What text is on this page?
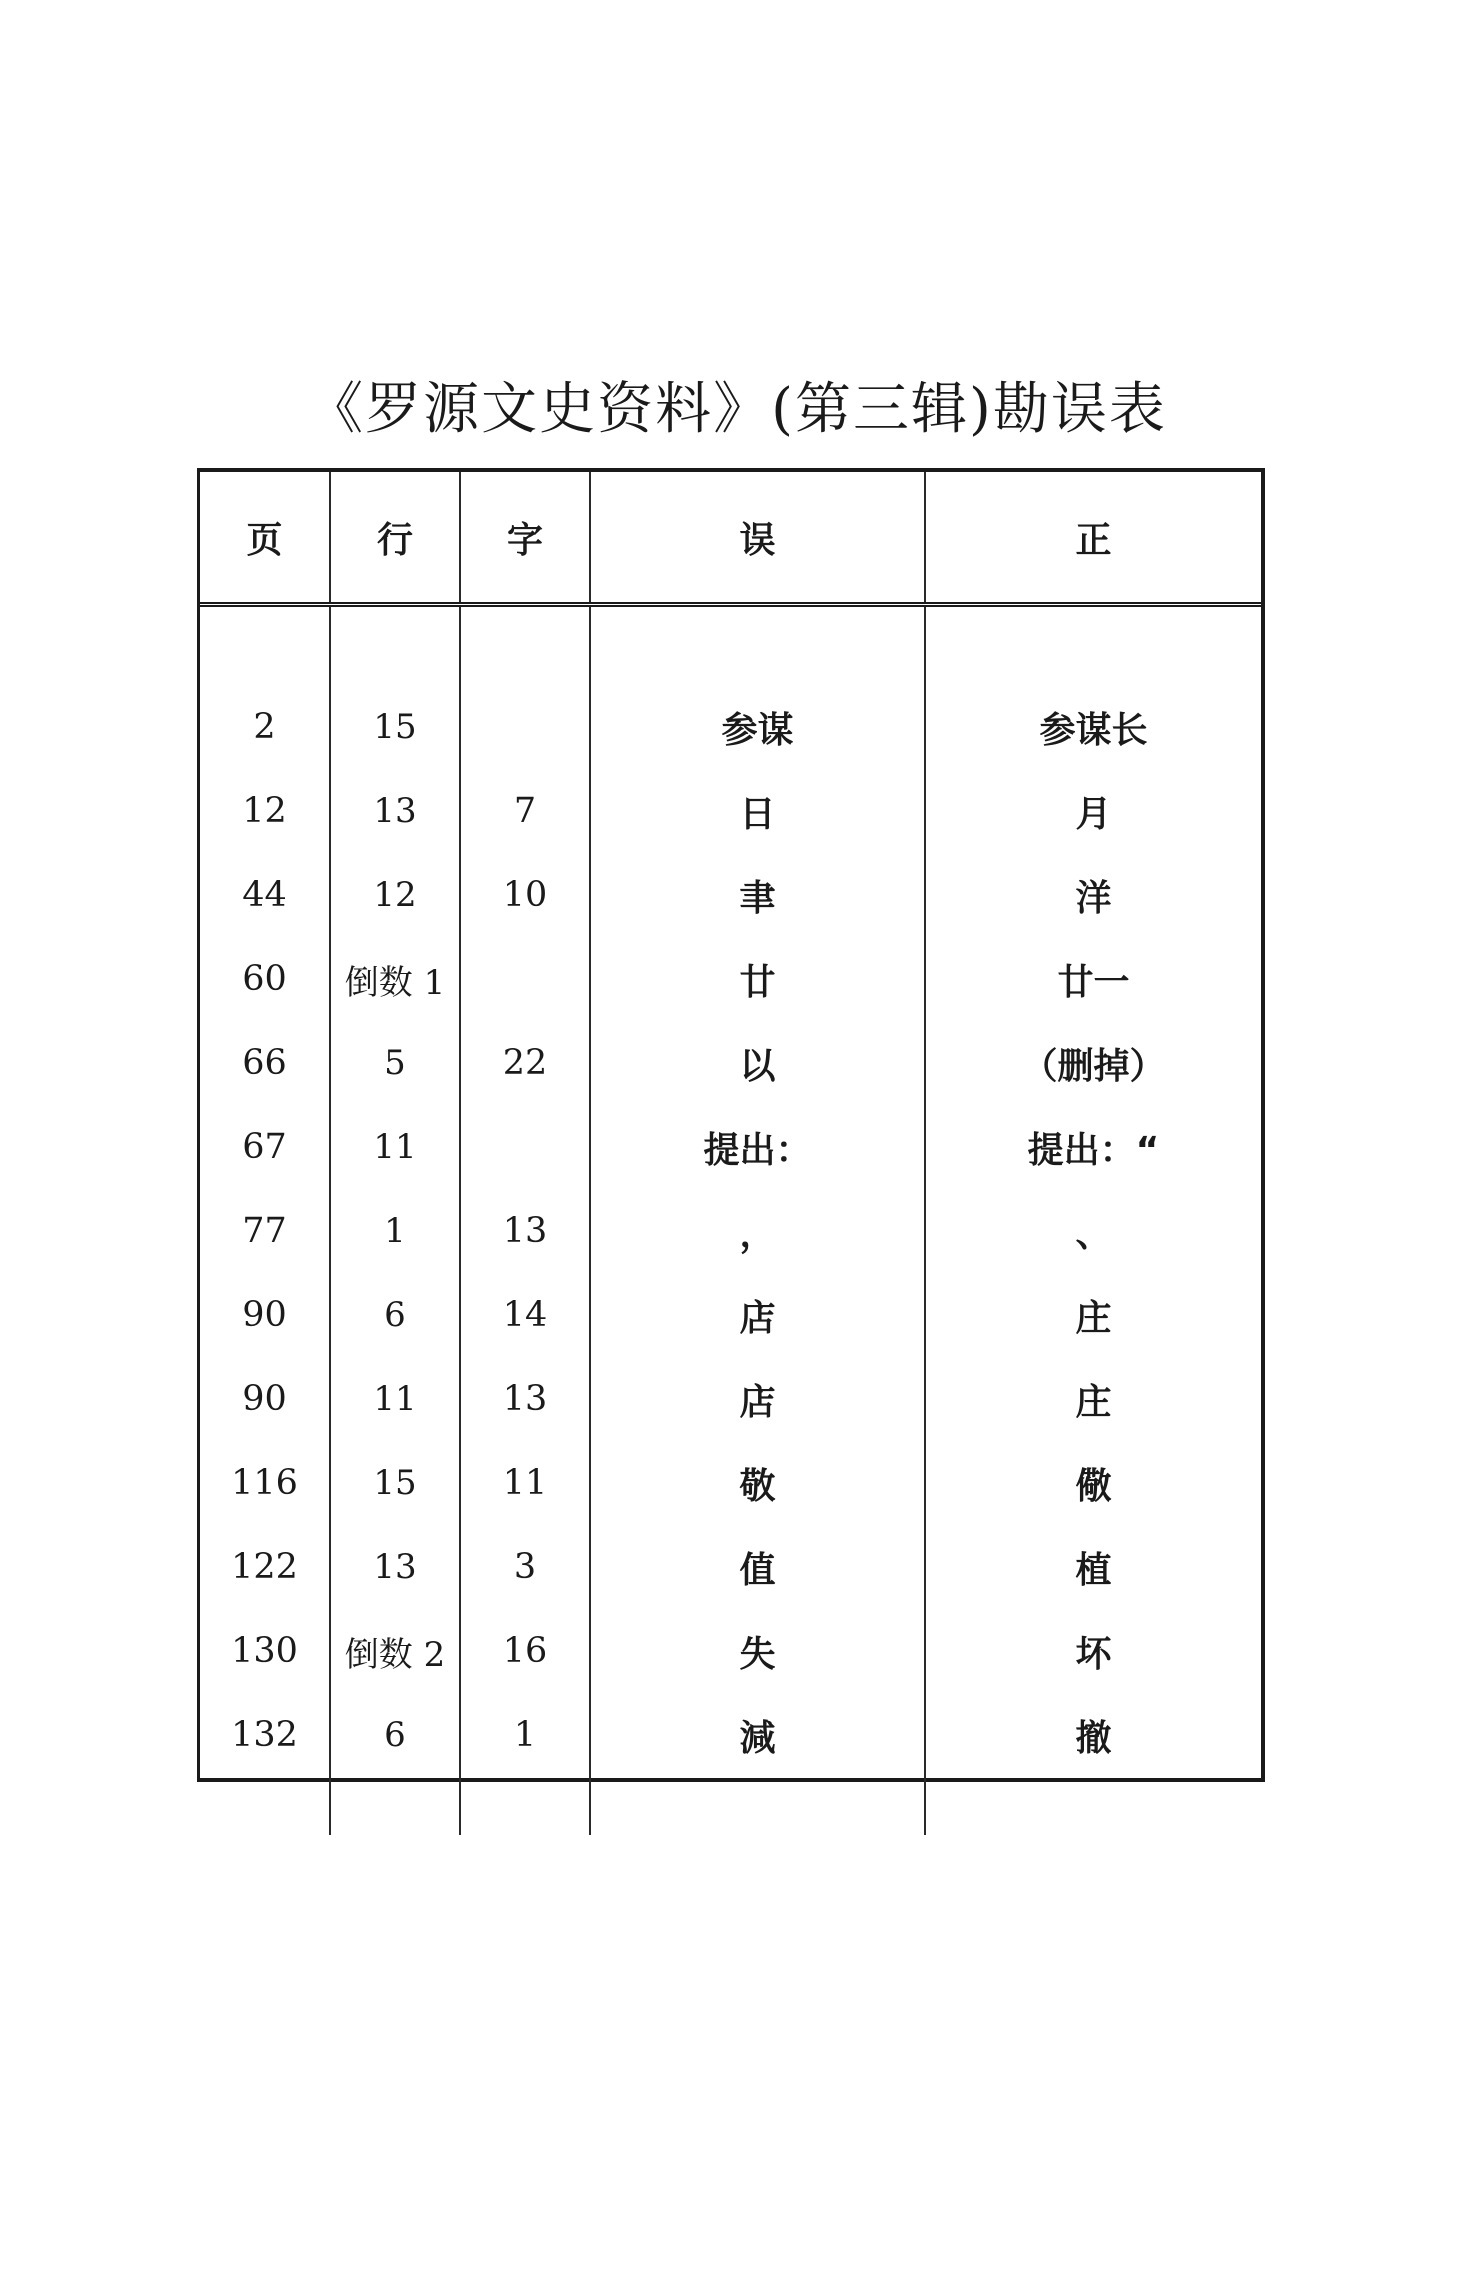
《罗源文史资料》(第三辑)勘误表
页	行	字	误	正

2	15		参谋	参谋长
12	13	7	日	月
44	12	10	聿	洋
60	倒数 1		廿	廿一
66	5	22	以	（删掉）
67	11		提出：	提出：“
77	1	13	，	、
90	6	14	店	庄
90	11	13	店	庄
116	15	11	敬	儆
122	13	3	值	植
130	倒数 2	16	失	坏
132	6	1	減	撤
